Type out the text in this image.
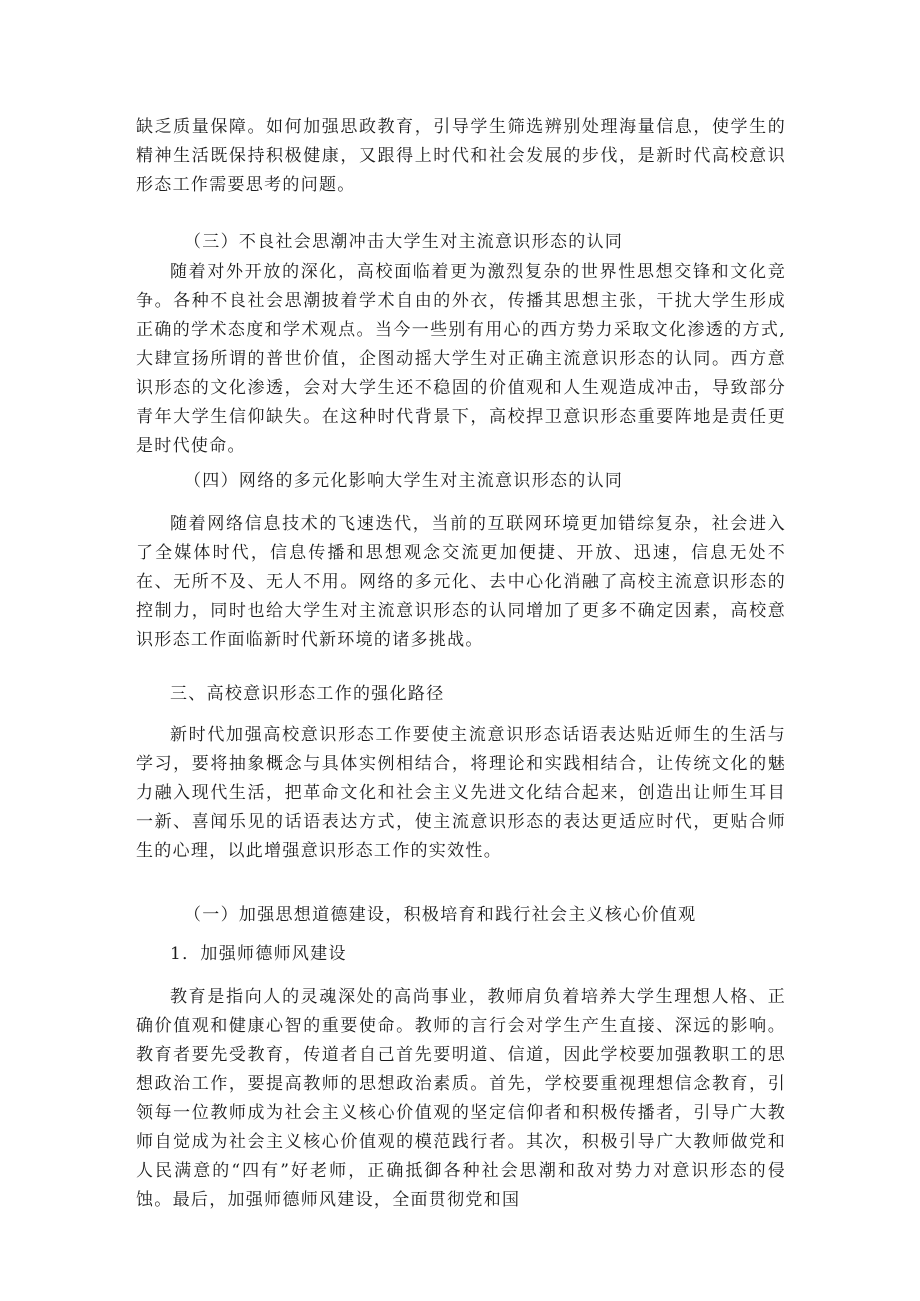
缺乏质量保障。如何加强思政教育，引导学生筛选辨别处理海量信息，使学生的精神生活既保持积极健康，又跟得上时代和社会发展的步伐，是新时代高校意识形态工作需要思考的问题。

（三）不良社会思潮冲击大学生对主流意识形态的认同

随着对外开放的深化，高校面临着更为激烈复杂的世界性思想交锋和文化竞争。各种不良社会思潮披着学术自由的外衣，传播其思想主张，干扰大学生形成正确的学术态度和学术观点。当今一些别有用心的西方势力采取文化渗透的方式,大肆宣扬所谓的普世价值，企图动摇大学生对正确主流意识形态的认同。西方意识形态的文化渗透，会对大学生还不稳固的价值观和人生观造成冲击，导致部分青年大学生信仰缺失。在这种时代背景下，高校捍卫意识形态重要阵地是责任更是时代使命。

（四）网络的多元化影响大学生对主流意识形态的认同

随着网络信息技术的飞速迭代，当前的互联网环境更加错综复杂，社会进入了全媒体时代，信息传播和思想观念交流更加便捷、开放、迅速，信息无处不在、无所不及、无人不用。网络的多元化、去中心化消融了高校主流意识形态的控制力，同时也给大学生对主流意识形态的认同增加了更多不确定因素，高校意识形态工作面临新时代新环境的诸多挑战。

三、高校意识形态工作的强化路径

新时代加强高校意识形态工作要使主流意识形态话语表达贴近师生的生活与学习，要将抽象概念与具体实例相结合，将理论和实践相结合，让传统文化的魅力融入现代生活，把革命文化和社会主义先进文化结合起来，创造出让师生耳目一新、喜闻乐见的话语表达方式，使主流意识形态的表达更适应时代，更贴合师生的心理，以此增强意识形态工作的实效性。

（一）加强思想道德建设，积极培育和践行社会主义核心价值观
1．加强师德师风建设

教育是指向人的灵魂深处的高尚事业，教师肩负着培养大学生理想人格、正确价值观和健康心智的重要使命。教师的言行会对学生产生直接、深远的影响。教育者要先受教育，传道者自己首先要明道、信道，因此学校要加强教职工的思想政治工作，要提高教师的思想政治素质。首先，学校要重视理想信念教育，引领每一位教师成为社会主义核心价值观的坚定信仰者和积极传播者，引导广大教师自觉成为社会主义核心价值观的模范践行者。其次，积极引导广大教师做党和人民满意的“四有”好老师，正确抵御各种社会思潮和敌对势力对意识形态的侵蚀。最后，加强师德师风建设，全面贯彻党和国
